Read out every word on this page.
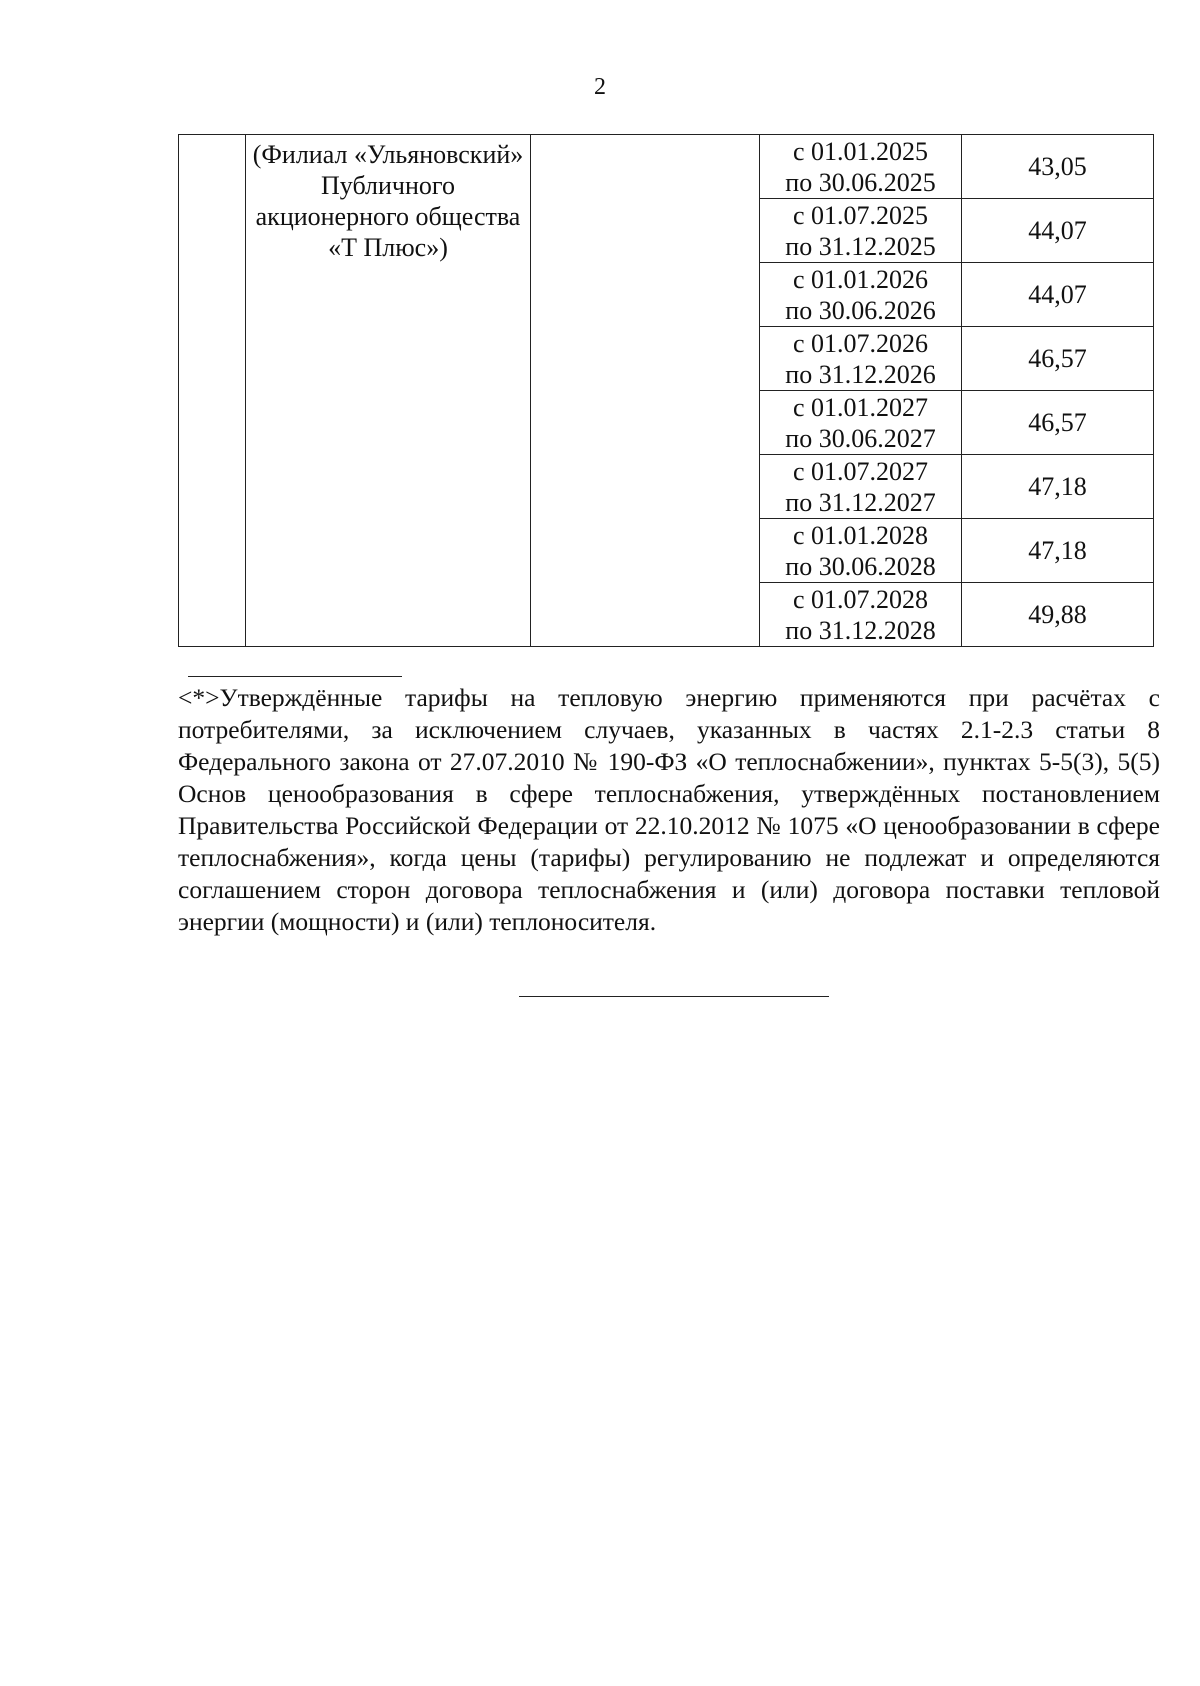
2

	(Филиал «Ульяновский» Публичного акционерного общества «Т Плюс»)		с 01.01.2025
по 30.06.2025	43,05

			с 01.07.2025
по 31.12.2025	44,07

			с 01.01.2026
по 30.06.2026	44,07

			с 01.07.2026
по 31.12.2026	46,57

			с 01.01.2027
по 30.06.2027	46,57

			с 01.07.2027
по 31.12.2027	47,18

			с 01.01.2028
по 30.06.2028	47,18

			с 01.07.2028
по 31.12.2028	49,88

<*>Утверждённые тарифы на тепловую энергию применяются при расчётах с потребителями, за исключением случаев, указанных в частях 2.1-2.3 статьи 8 Федерального закона от 27.07.2010 № 190-ФЗ «О теплоснабжении», пунктах 5-5(3), 5(5) Основ ценообразования в сфере теплоснабжения, утверждённых постановлением Правительства Российской Федерации от 22.10.2012 № 1075 «О ценообразовании в сфере теплоснабжения», когда цены (тарифы) регулированию не подлежат и определяются соглашением сторон договора теплоснабжения и (или) договора поставки тепловой энергии (мощности) и (или) теплоносителя.
